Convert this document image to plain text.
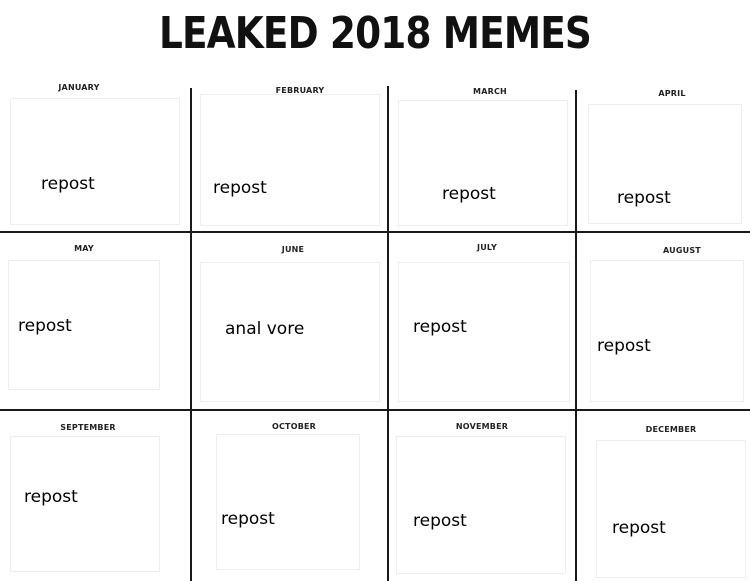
LEAKED 2018 MEMES
JANUARY
repost
FEBRUARY
repost
MARCH
repost
APRIL
repost
MAY
repost
JUNE
anal vore
JULY
repost
AUGUST
repost
SEPTEMBER
repost
OCTOBER
repost
NOVEMBER
repost
DECEMBER
repost
